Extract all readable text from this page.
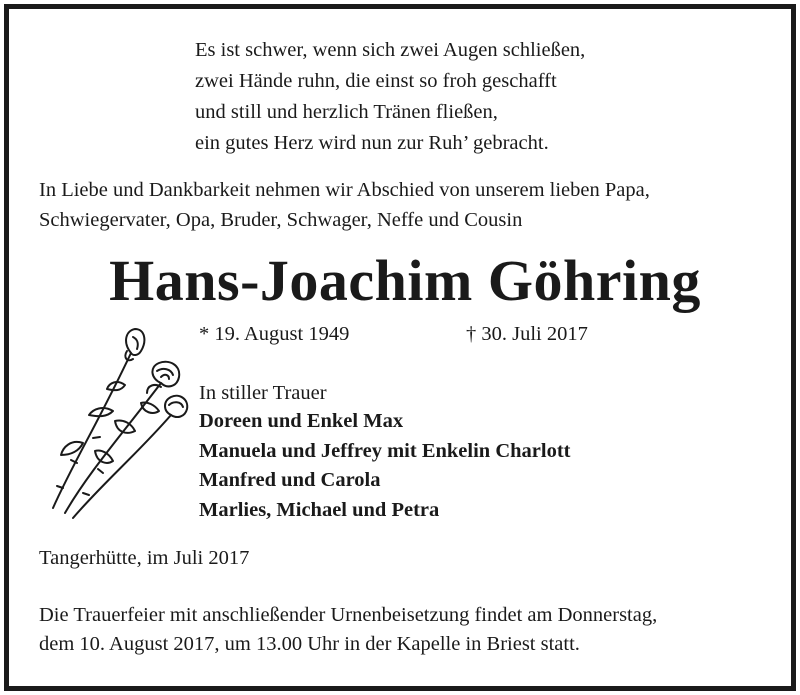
Es ist schwer, wenn sich zwei Augen schließen,
zwei Hände ruhn, die einst so froh geschafft
und still und herzlich Tränen fließen,
ein gutes Herz wird nun zur Ruh’ gebracht.
In Liebe und Dankbarkeit nehmen wir Abschied von unserem lieben Papa,
Schwiegervater, Opa, Bruder, Schwager, Neffe und Cousin
Hans-Joachim Göhring
* 19. August 1949	† 30. Juli 2017
In stiller Trauer
Doreen und Enkel Max
Manuela und Jeffrey mit Enkelin Charlott
Manfred und Carola
Marlies, Michael und Petra
Tangerhütte, im Juli 2017
Die Trauerfeier mit anschließender Urnenbeisetzung findet am Donnerstag,
dem 10. August 2017, um 13.00 Uhr in der Kapelle in Briest statt.
